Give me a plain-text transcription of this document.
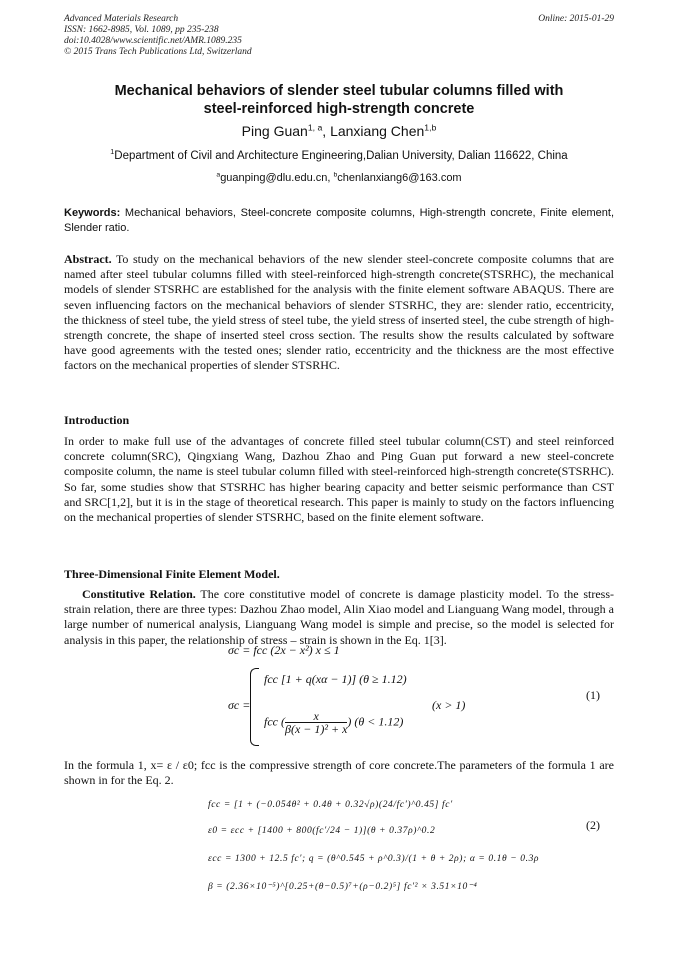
Advanced Materials Research
ISSN: 1662-8985, Vol. 1089, pp 235-238
doi:10.4028/www.scientific.net/AMR.1089.235
© 2015 Trans Tech Publications Ltd, Switzerland
Online: 2015-01-29
Mechanical behaviors of slender steel tubular columns filled with
steel-reinforced high-strength concrete
Ping Guan$^{1, a}$, Lanxiang Chen$^{1,b}$
$^1$Department of Civil and Architecture Engineering,Dalian University, Dalian 116622, China
$^a$guanping@dlu.edu.cn, $^b$chenlanxiang6@163.com
Keywords: Mechanical behaviors, Steel-concrete composite columns, High-strength concrete, Finite element, Slender ratio.
Abstract. To study on the mechanical behaviors of the new slender steel-concrete composite columns that are named after steel tubular columns filled with steel-reinforced high-strength concrete(STSRHC), the mechanical models of slender STSRHC are established for the analysis with the finite element software ABAQUS. There are seven influencing factors on the mechanical behaviors of slender STSRHC, they are: slender ratio, eccentricity, the thickness of steel tube, the yield stress of steel tube, the yield stress of inserted steel, the cube strength of high-strength concrete, the shape of inserted steel cross section. The results show the results calculated by software have good agreements with the tested ones; slender ratio, eccentricity and the thickness are the most effective factors on the mechanical properties of slender STSRHC.
Introduction
In order to make full use of the advantages of concrete filled steel tubular column(CST) and steel reinforced concrete column(SRC), Qingxiang Wang, Dazhou Zhao and Ping Guan put forward a new steel-concrete composite column, the name is steel tubular column filled with steel-reinforced high-strength concrete(STSRHC). So far, some studies show that STSRHC has higher bearing capacity and better seismic performance than CST and SRC[1,2], but it is in the stage of theoretical research. This paper is mainly to study on the factors influencing on the mechanical properties of slender STSRHC, based on the finite element software.
Three-Dimensional Finite Element Model.
Constitutive Relation. The core constitutive model of concrete is damage plasticity model. To the stress-strain relation, there are three types: Dazhou Zhao model, Alin Xiao model and Lianguang Wang model, through a large number of numerical analysis, Lianguang Wang model is simple and precise, so the model is selected for analysis in this paper, the relationship of stress – strain is shown in the Eq. 1[3].
σc = fcc (2x − x²) x ≤ 1
σc =
fcc [1 + q(xα − 1)] (θ ≥ 1.12)
fcc ( $\frac{x}{\text{β(x − 1)² + x}}$ ) (θ < 1.12)
(x > 1)
(1)
In the formula 1, x= ε / ε0; fcc is the compressive strength of core concrete.The parameters of the formula 1 are shown in for the Eq. 2.
fcc = [1 + (−0.054θ² + 0.4θ + 0.32√ρ)(24/fc′)^0.45] fc′
ε0 = εcc + [1400 + 800(fc′/24 − 1)](θ + 0.37ρ)^0.2
εcc = 1300 + 12.5 fc′; q = (θ^0.545 + ρ^0.3)/(1 + θ + 2ρ); α = 0.1θ − 0.3ρ
β = (2.36×10⁻⁵)^[0.25+(θ−0.5)⁷+(ρ−0.2)⁵] fc′² × 3.51×10⁻⁴
(2)
